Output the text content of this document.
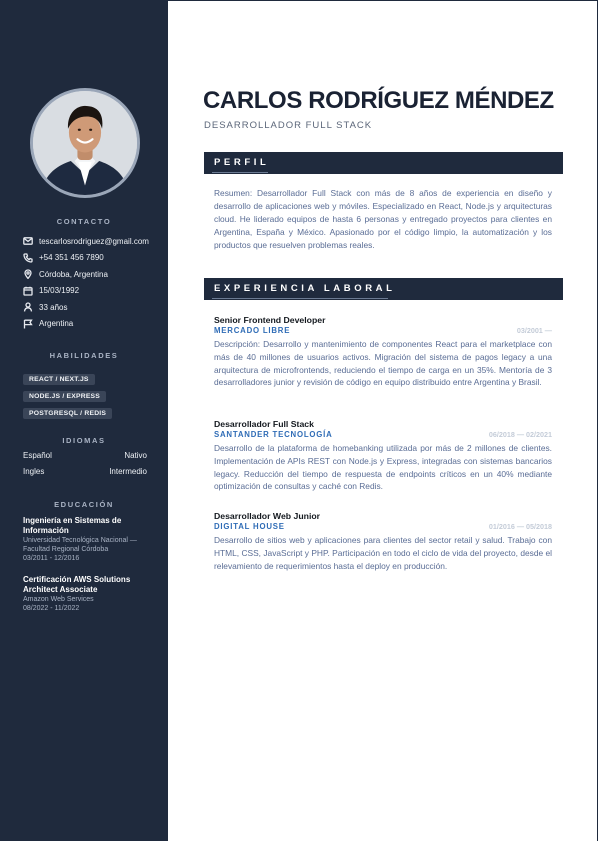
CONTACTO
tescarlosrodriguez@gmail.com
+54 351 456 7890
Córdoba, Argentina
15/03/1992
33 años
Argentina
HABILIDADES
REACT / NEXT.JS
NODE.JS / EXPRESS
POSTGRESQL / REDIS
IDIOMAS
Español	Nativo
Ingles	Intermedio
EDUCACIÓN
Ingeniería en Sistemas de Información
Universidad Tecnológica Nacional — Facultad Regional Córdoba
03/2011 - 12/2016
Certificación AWS Solutions Architect Associate
Amazon Web Services
08/2022 - 11/2022
CARLOS RODRÍGUEZ MÉNDEZ
DESARROLLADOR FULL STACK
PERFIL

Resumen: Desarrollador Full Stack con más de 8 años de experiencia en diseño y desarrollo de aplicaciones web y móviles. Especializado en React, Node.js y arquitecturas cloud. He liderado equipos de hasta 6 personas y entregado proyectos para clientes en Argentina, España y México. Apasionado por el código limpio, la automatización y los productos que resuelven problemas reales.

EXPERIENCIA LABORAL
Senior Frontend Developer
MERCADO LIBRE	03/2001 —

Descripción: Desarrollo y mantenimiento de componentes React para el marketplace con más de 40 millones de usuarios activos. Migración del sistema de pagos legacy a una arquitectura de microfrontends, reduciendo el tiempo de carga en un 35%. Mentoría de 3 desarrolladores junior y revisión de código en equipo distribuido entre Argentina y Brasil.

Desarrollador Full Stack
SANTANDER TECNOLOGÍA	06/2018 — 02/2021

Desarrollo de la plataforma de homebanking utilizada por más de 2 millones de clientes. Implementación de APIs REST con Node.js y Express, integradas con sistemas bancarios legacy. Reducción del tiempo de respuesta de endpoints críticos en un 40% mediante optimización de consultas y caché con Redis.

Desarrollador Web Junior
DIGITAL HOUSE	01/2016 — 05/2018

Desarrollo de sitios web y aplicaciones para clientes del sector retail y salud. Trabajo con HTML, CSS, JavaScript y PHP. Participación en todo el ciclo de vida del proyecto, desde el relevamiento de requerimientos hasta el deploy en producción.
